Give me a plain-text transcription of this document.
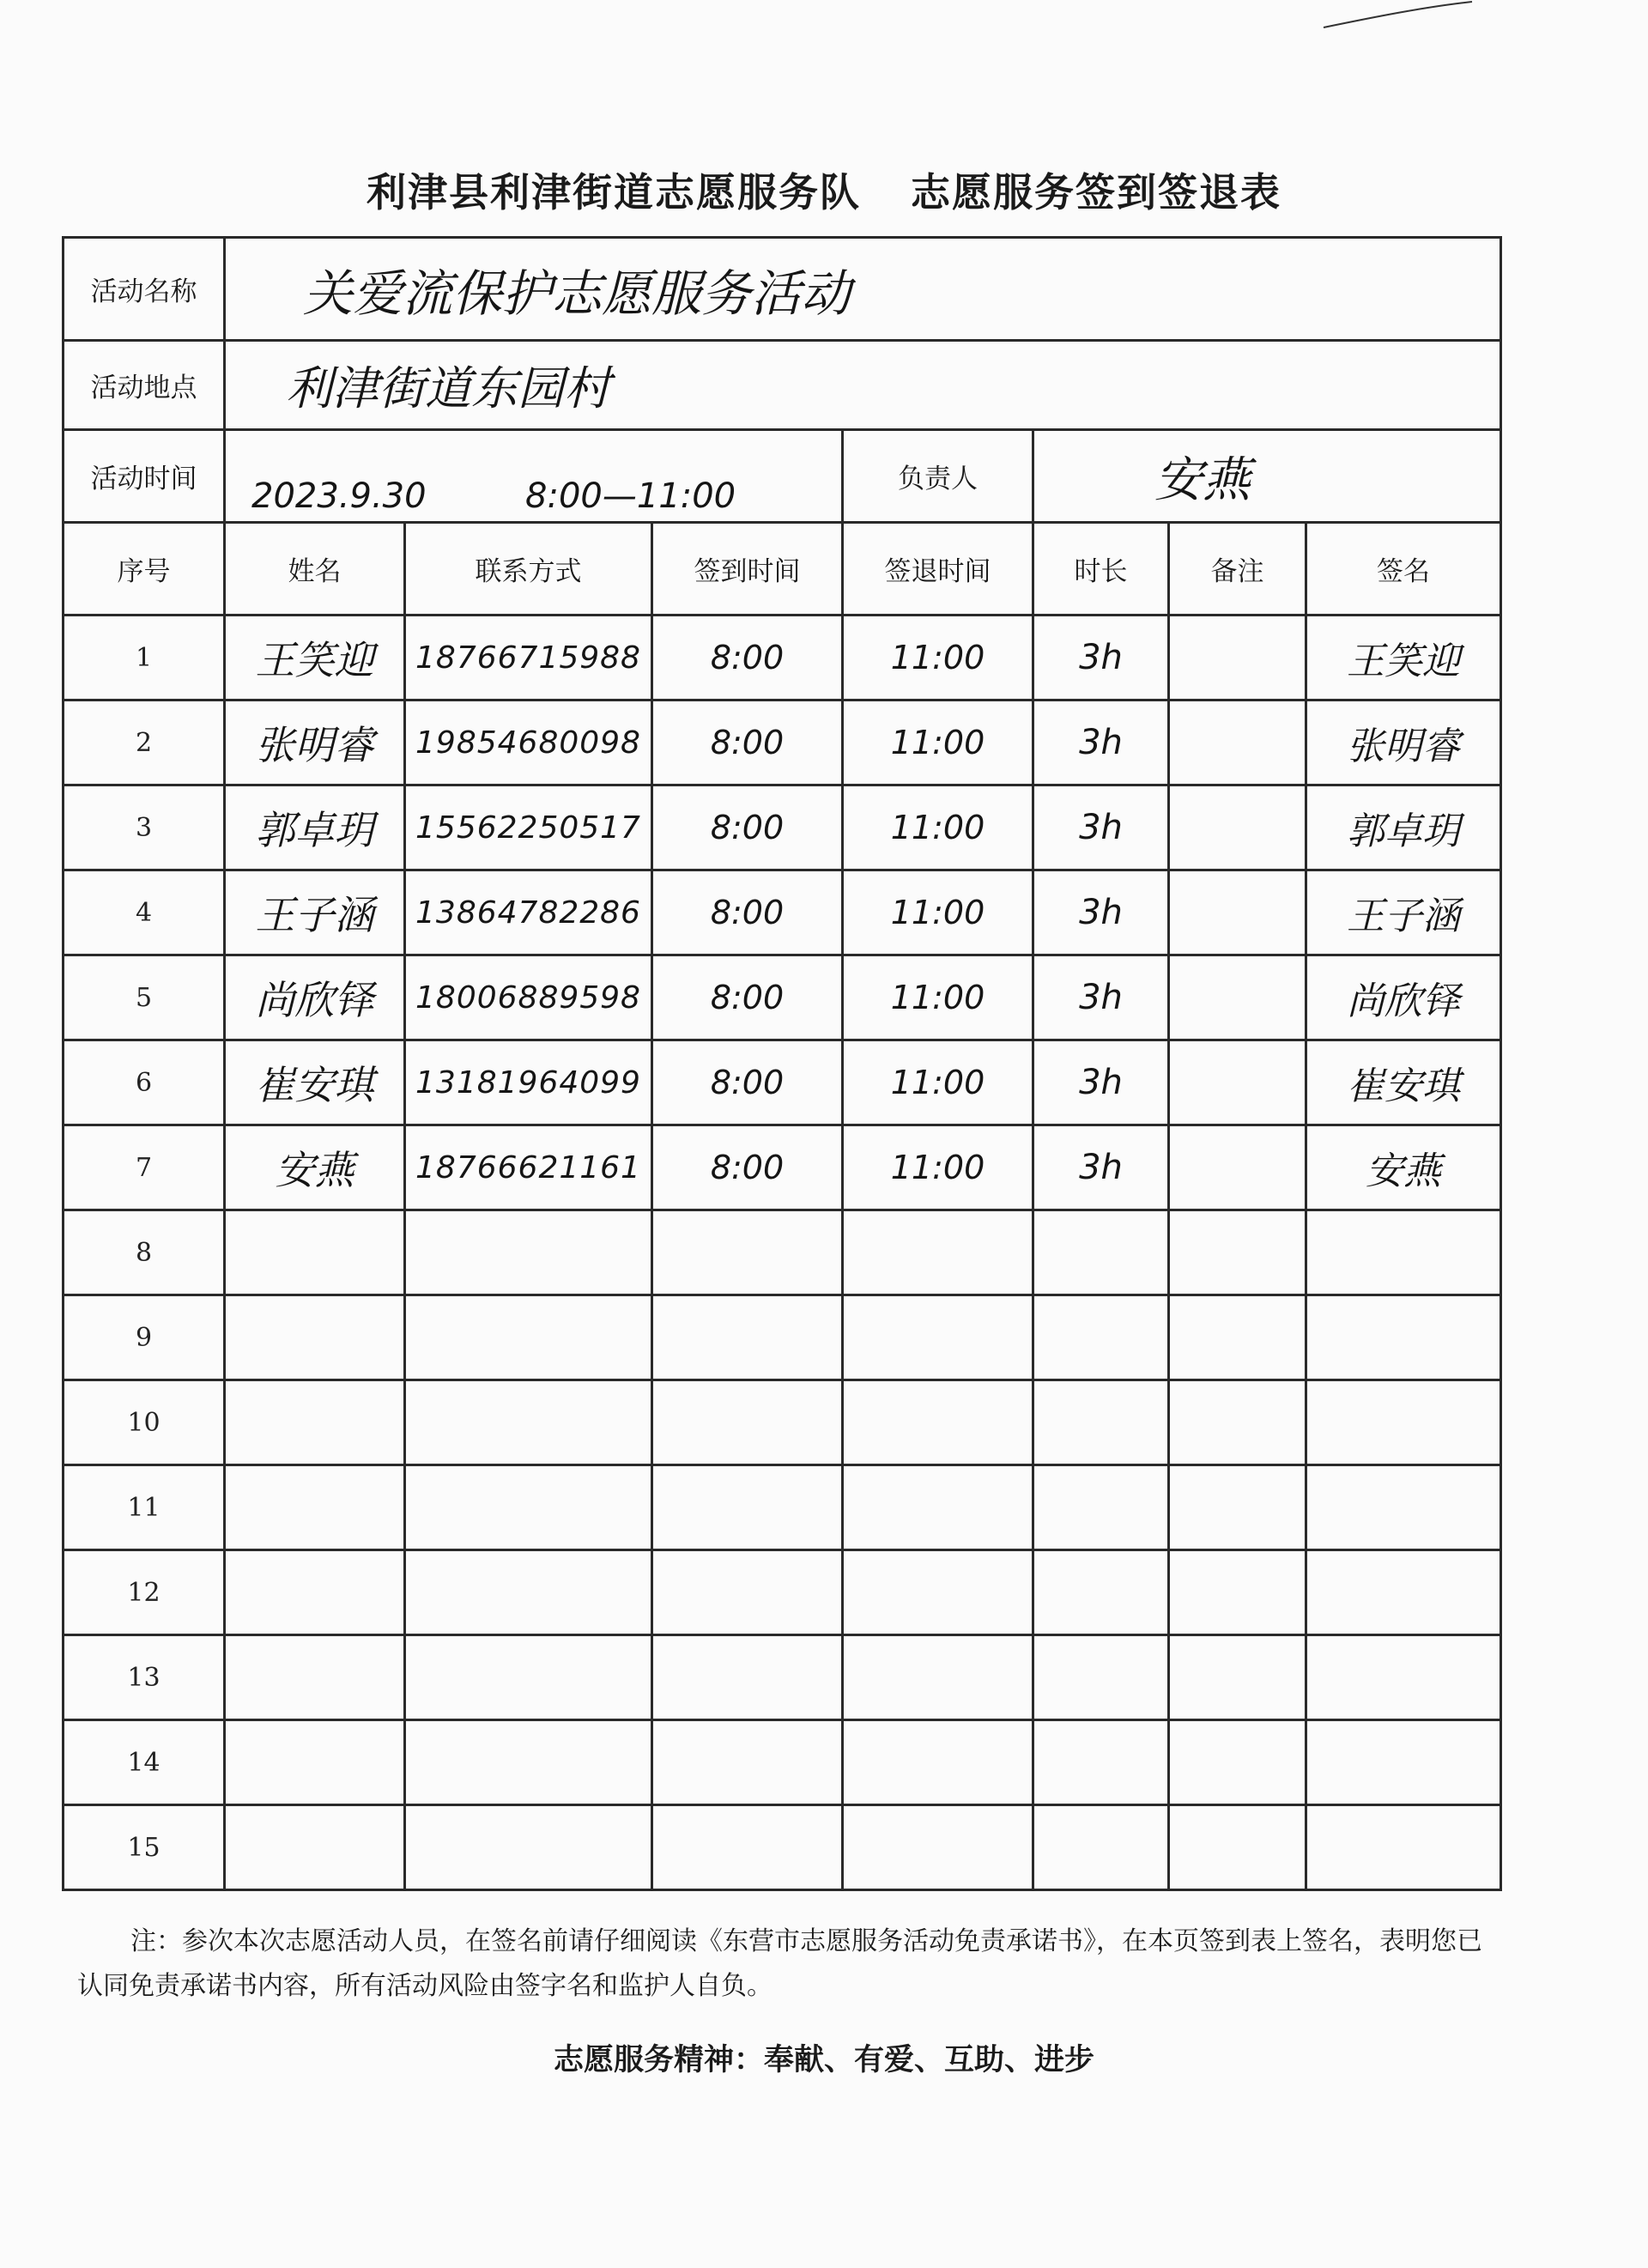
利津县利津街道志愿服务队 志愿服务签到签退表
活动名称	关爱流保护志愿服务活动						
活动地点	利津街道东园村						
活动时间	2023.9.30 8:00—11:00			负责人	安燕		
序号	姓名	联系方式	签到时间	签退时间	时长	备注	签名
1	王笑迎	18766715988	8:00	11:00	3h		王笑迎
2	张明睿	19854680098	8:00	11:00	3h		张明睿
3	郭卓玥	15562250517	8:00	11:00	3h		郭卓玥
4	王子涵	13864782286	8:00	11:00	3h		王子涵
5	尚欣铎	18006889598	8:00	11:00	3h		尚欣铎
6	崔安琪	13181964099	8:00	11:00	3h		崔安琪
7	安燕	18766621161	8:00	11:00	3h		安燕
8							
9							
10							
11							
12							
13							
14							
15							
注：参次本次志愿活动人员，在签名前请仔细阅读《东营市志愿服务活动免责承诺书》，在本页签到表上签名，表明您已认同免责承诺书内容，所有活动风险由签字名和监护人自负。
志愿服务精神：奉献、有爱、互助、进步
